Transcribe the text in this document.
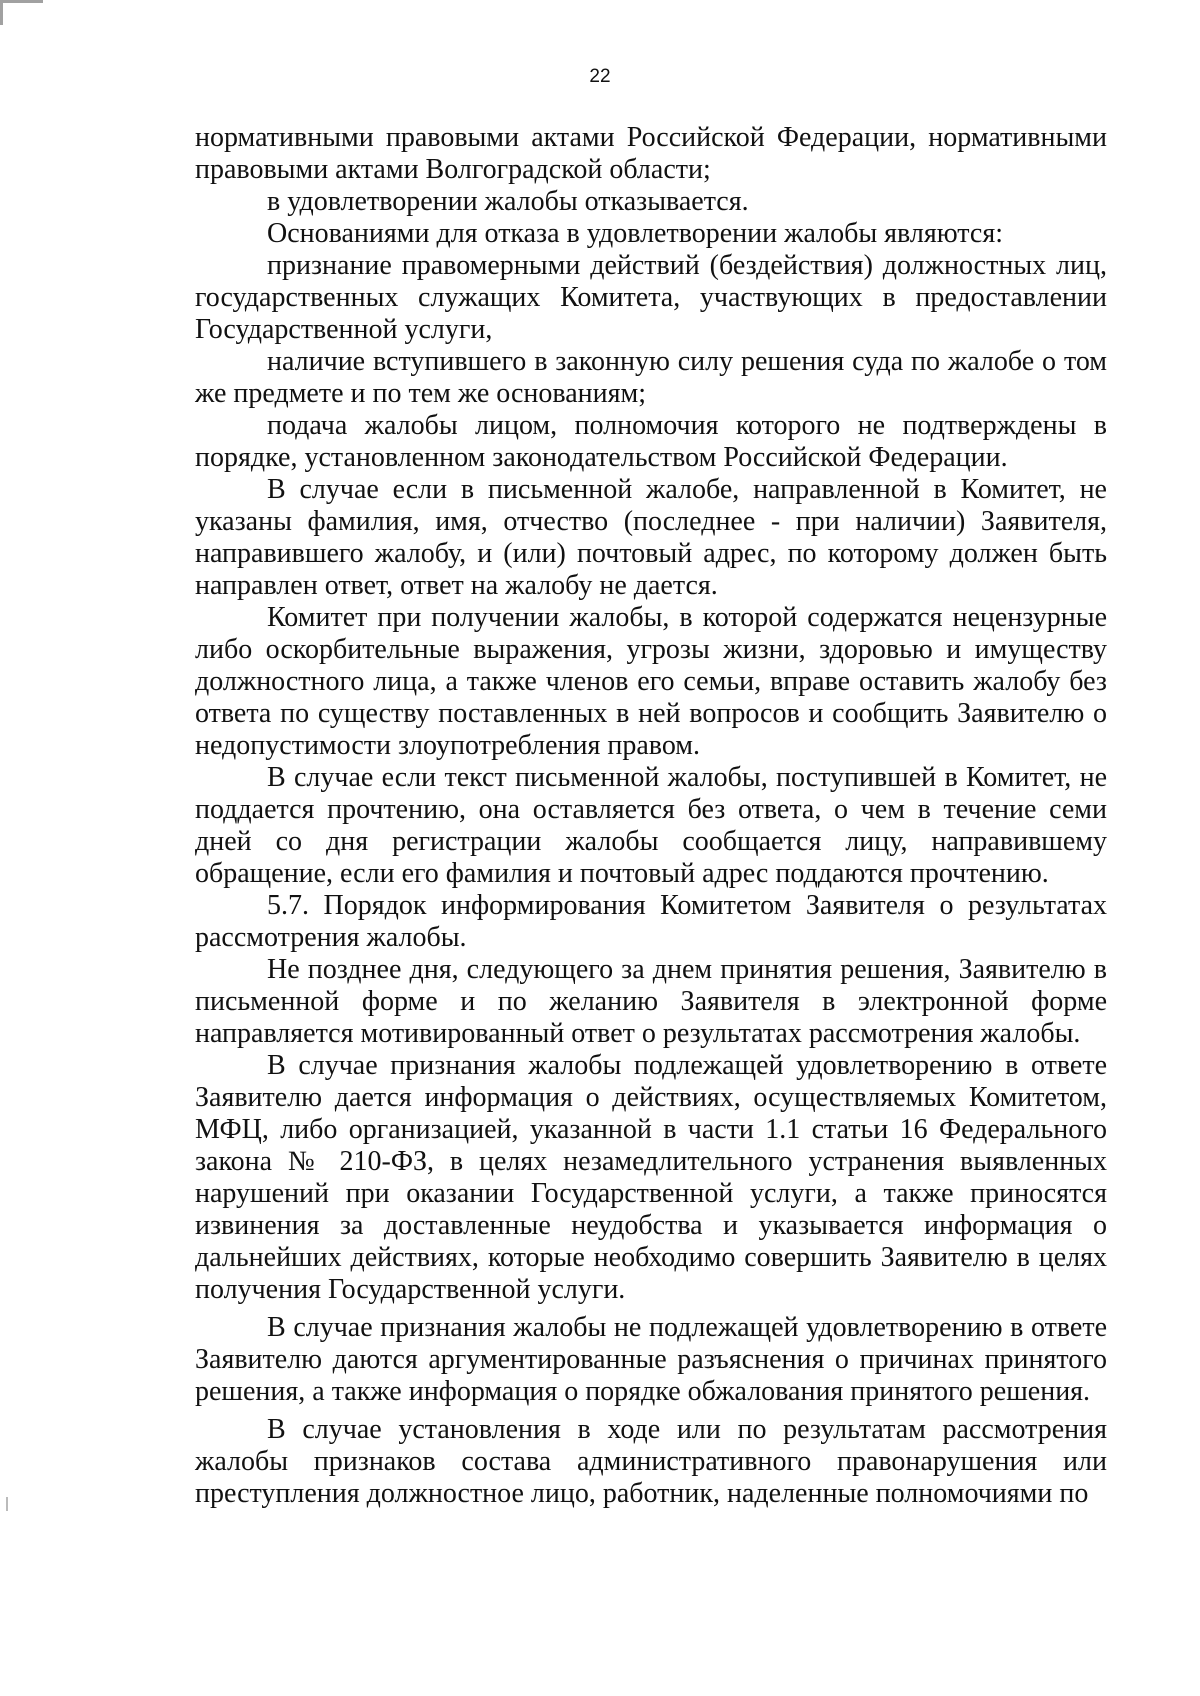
22

нормативными правовыми актами Российской Федерации, нормативными правовыми актами Волгоградской области;

в удовлетворении жалобы отказывается.

Основаниями для отказа в удовлетворении жалобы являются:

признание правомерными действий (бездействия) должностных лиц, государственных служащих Комитета, участвующих в предоставлении Государственной услуги,

наличие вступившего в законную силу решения суда по жалобе о том же предмете и по тем же основаниям;

подача жалобы лицом, полномочия которого не подтверждены в порядке, установленном законодательством Российской Федерации.

В случае если в письменной жалобе, направленной в Комитет, не указаны фамилия, имя, отчество (последнее - при наличии) Заявителя, направившего жалобу, и (или) почтовый адрес, по которому должен быть направлен ответ, ответ на жалобу не дается.

Комитет при получении жалобы, в которой содержатся нецензурные либо оскорбительные выражения, угрозы жизни, здоровью и имуществу должностного лица, а также членов его семьи, вправе оставить жалобу без ответа по существу поставленных в ней вопросов и сообщить Заявителю о недопустимости злоупотребления правом.

В случае если текст письменной жалобы, поступившей в Комитет, не поддается прочтению, она оставляется без ответа, о чем в течение семи дней со дня регистрации жалобы сообщается лицу, направившему обращение, если его фамилия и почтовый адрес поддаются прочтению.

5.7. Порядок информирования Комитетом Заявителя о результатах рассмотрения жалобы.

Не позднее дня, следующего за днем принятия решения, Заявителю в письменной форме и по желанию Заявителя в электронной форме направляется мотивированный ответ о результатах рассмотрения жалобы.

В случае признания жалобы подлежащей удовлетворению в ответе Заявителю дается информация о действиях, осуществляемых Комитетом, МФЦ, либо организацией, указанной в части 1.1 статьи 16 Федерального закона № 210-ФЗ, в целях незамедлительного устранения выявленных нарушений при оказании Государственной услуги, а также приносятся извинения за доставленные неудобства и указывается информация о дальнейших действиях, которые необходимо совершить Заявителю в целях получения Государственной услуги.

В случае признания жалобы не подлежащей удовлетворению в ответе Заявителю даются аргументированные разъяснения о причинах принятого решения, а также информация о порядке обжалования принятого решения.

В случае установления в ходе или по результатам рассмотрения жалобы признаков состава административного правонарушения или преступления должностное лицо, работник, наделенные полномочиями по
